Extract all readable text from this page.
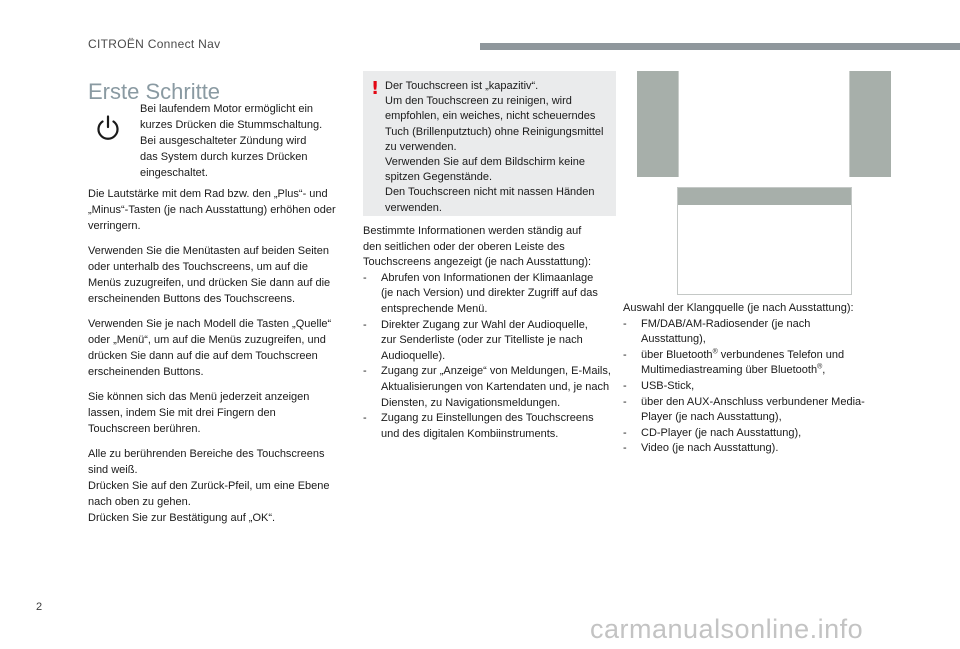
CITROËN Connect Nav
Erste Schritte
Bei laufendem Motor ermöglicht ein
kurzes Drücken die Stummschaltung.
Bei ausgeschalteter Zündung wird
das System durch kurzes Drücken
eingeschaltet.

Die Lautstärke mit dem Rad bzw. den „Plus“- und
„Minus“-Tasten (je nach Ausstattung) erhöhen oder
verringern.

Verwenden Sie die Menütasten auf beiden Seiten
oder unterhalb des Touchscreens, um auf die
Menüs zuzugreifen, und drücken Sie dann auf die
erscheinenden Buttons des Touchscreens.

Verwenden Sie je nach Modell die Tasten „Quelle“
oder „Menü“, um auf die Menüs zuzugreifen, und
drücken Sie dann auf die auf dem Touchscreen
erscheinenden Buttons.

Sie können sich das Menü jederzeit anzeigen
lassen, indem Sie mit drei Fingern den
Touchscreen berühren.

Alle zu berührenden Bereiche des Touchscreens
sind weiß.
Drücken Sie auf den Zurück-Pfeil, um eine Ebene
nach oben zu gehen.
Drücken Sie zur Bestätigung auf „OK“.

! Der Touchscreen ist „kapazitiv“.
Um den Touchscreen zu reinigen, wird
empfohlen, ein weiches, nicht scheuerndes
Tuch (Brillenputztuch) ohne Reinigungsmittel
zu verwenden.
Verwenden Sie auf dem Bildschirm keine
spitzen Gegenstände.
Den Touchscreen nicht mit nassen Händen
verwenden.
Bestimmte Informationen werden ständig auf
den seitlichen oder der oberen Leiste des
Touchscreens angezeigt (je nach Ausstattung):
- Abrufen von Informationen der Klimaanlage
(je nach Version) und direkter Zugriff auf das
entsprechende Menü.
- Direkter Zugang zur Wahl der Audioquelle,
zur Senderliste (oder zur Titelliste je nach
Audioquelle).
- Zugang zur „Anzeige“ von Meldungen, E-Mails,
Aktualisierungen von Kartendaten und, je nach
Diensten, zu Navigationsmeldungen.
- Zugang zu Einstellungen des Touchscreens
und des digitalen Kombiinstruments.
Auswahl der Klangquelle (je nach Ausstattung):
- FM/DAB/AM-Radiosender (je nach
Ausstattung),
- über Bluetooth® verbundenes Telefon und
Multimediastreaming über Bluetooth®,
- USB-Stick,
- über den AUX-Anschluss verbundener Media-
Player (je nach Ausstattung),
- CD-Player (je nach Ausstattung),
- Video (je nach Ausstattung).
2
carmanualsonline.info
